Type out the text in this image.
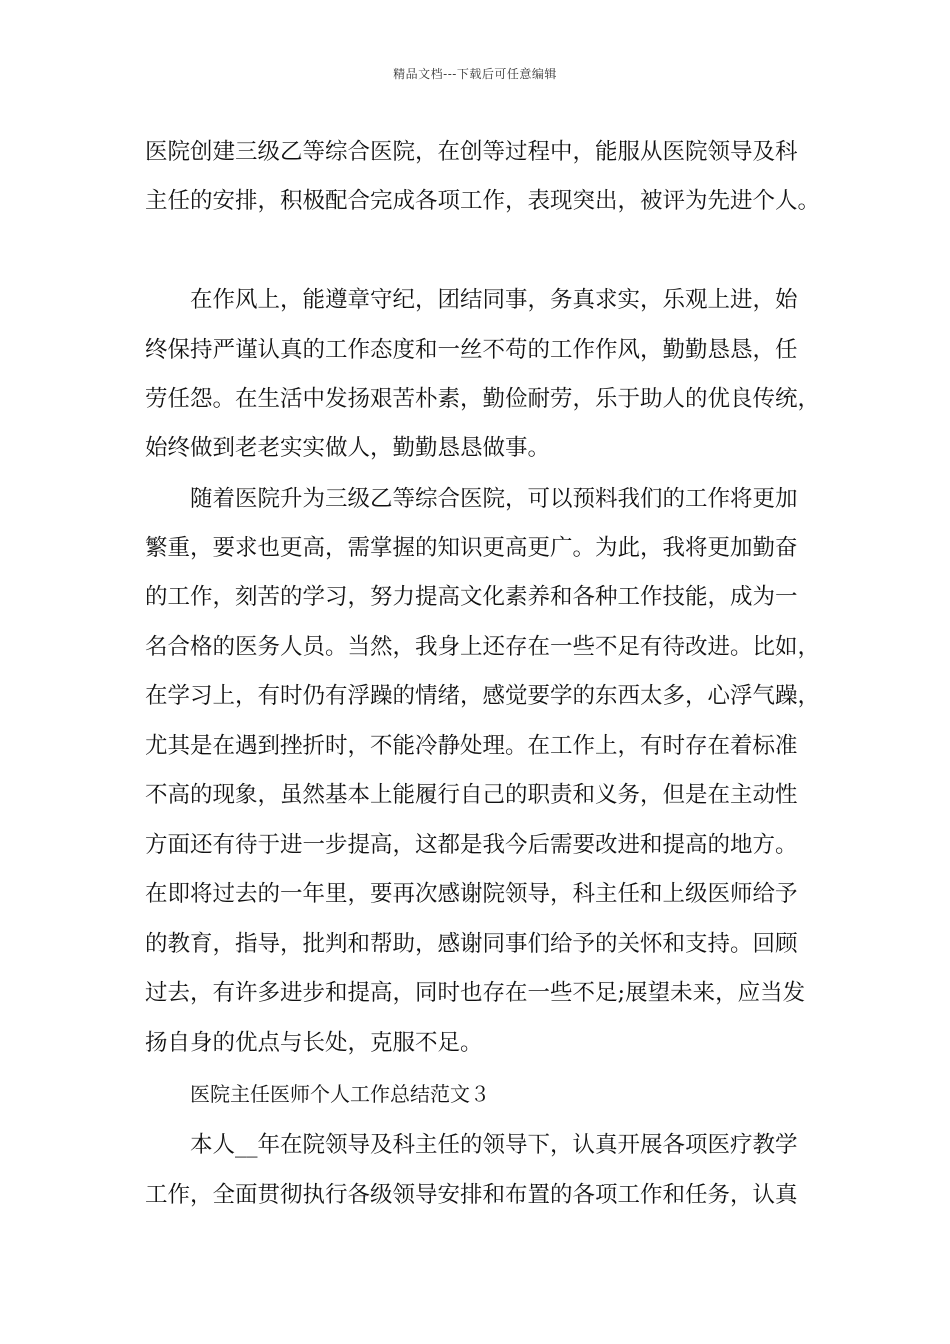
精品文档---下载后可任意编辑
医院创建三级乙等综合医院，在创等过程中，能服从医院领导及科
主任的安排，积极配合完成各项工作，表现突出，被评为先进个人。
在作风上，能遵章守纪，团结同事，务真求实，乐观上进，始
终保持严谨认真的工作态度和一丝不苟的工作作风，勤勤恳恳，任
劳任怨。在生活中发扬艰苦朴素，勤俭耐劳，乐于助人的优良传统，
始终做到老老实实做人，勤勤恳恳做事。
随着医院升为三级乙等综合医院，可以预料我们的工作将更加
繁重，要求也更高，需掌握的知识更高更广。为此，我将更加勤奋
的工作，刻苦的学习，努力提高文化素养和各种工作技能，成为一
名合格的医务人员。当然，我身上还存在一些不足有待改进。比如，
在学习上，有时仍有浮躁的情绪，感觉要学的东西太多，心浮气躁，
尤其是在遇到挫折时，不能冷静处理。在工作上，有时存在着标准
不高的现象，虽然基本上能履行自己的职责和义务，但是在主动性
方面还有待于进一步提高，这都是我今后需要改进和提高的地方。
在即将过去的一年里，要再次感谢院领导，科主任和上级医师给予
的教育，指导，批判和帮助，感谢同事们给予的关怀和支持。回顾
过去，有许多进步和提高，同时也存在一些不足;展望未来，应当发
扬自身的优点与长处，克服不足。
医院主任医师个人工作总结范文３
本人__年在院领导及科主任的领导下，认真开展各项医疗教学
工作，全面贯彻执行各级领导安排和布置的各项工作和任务，认真
